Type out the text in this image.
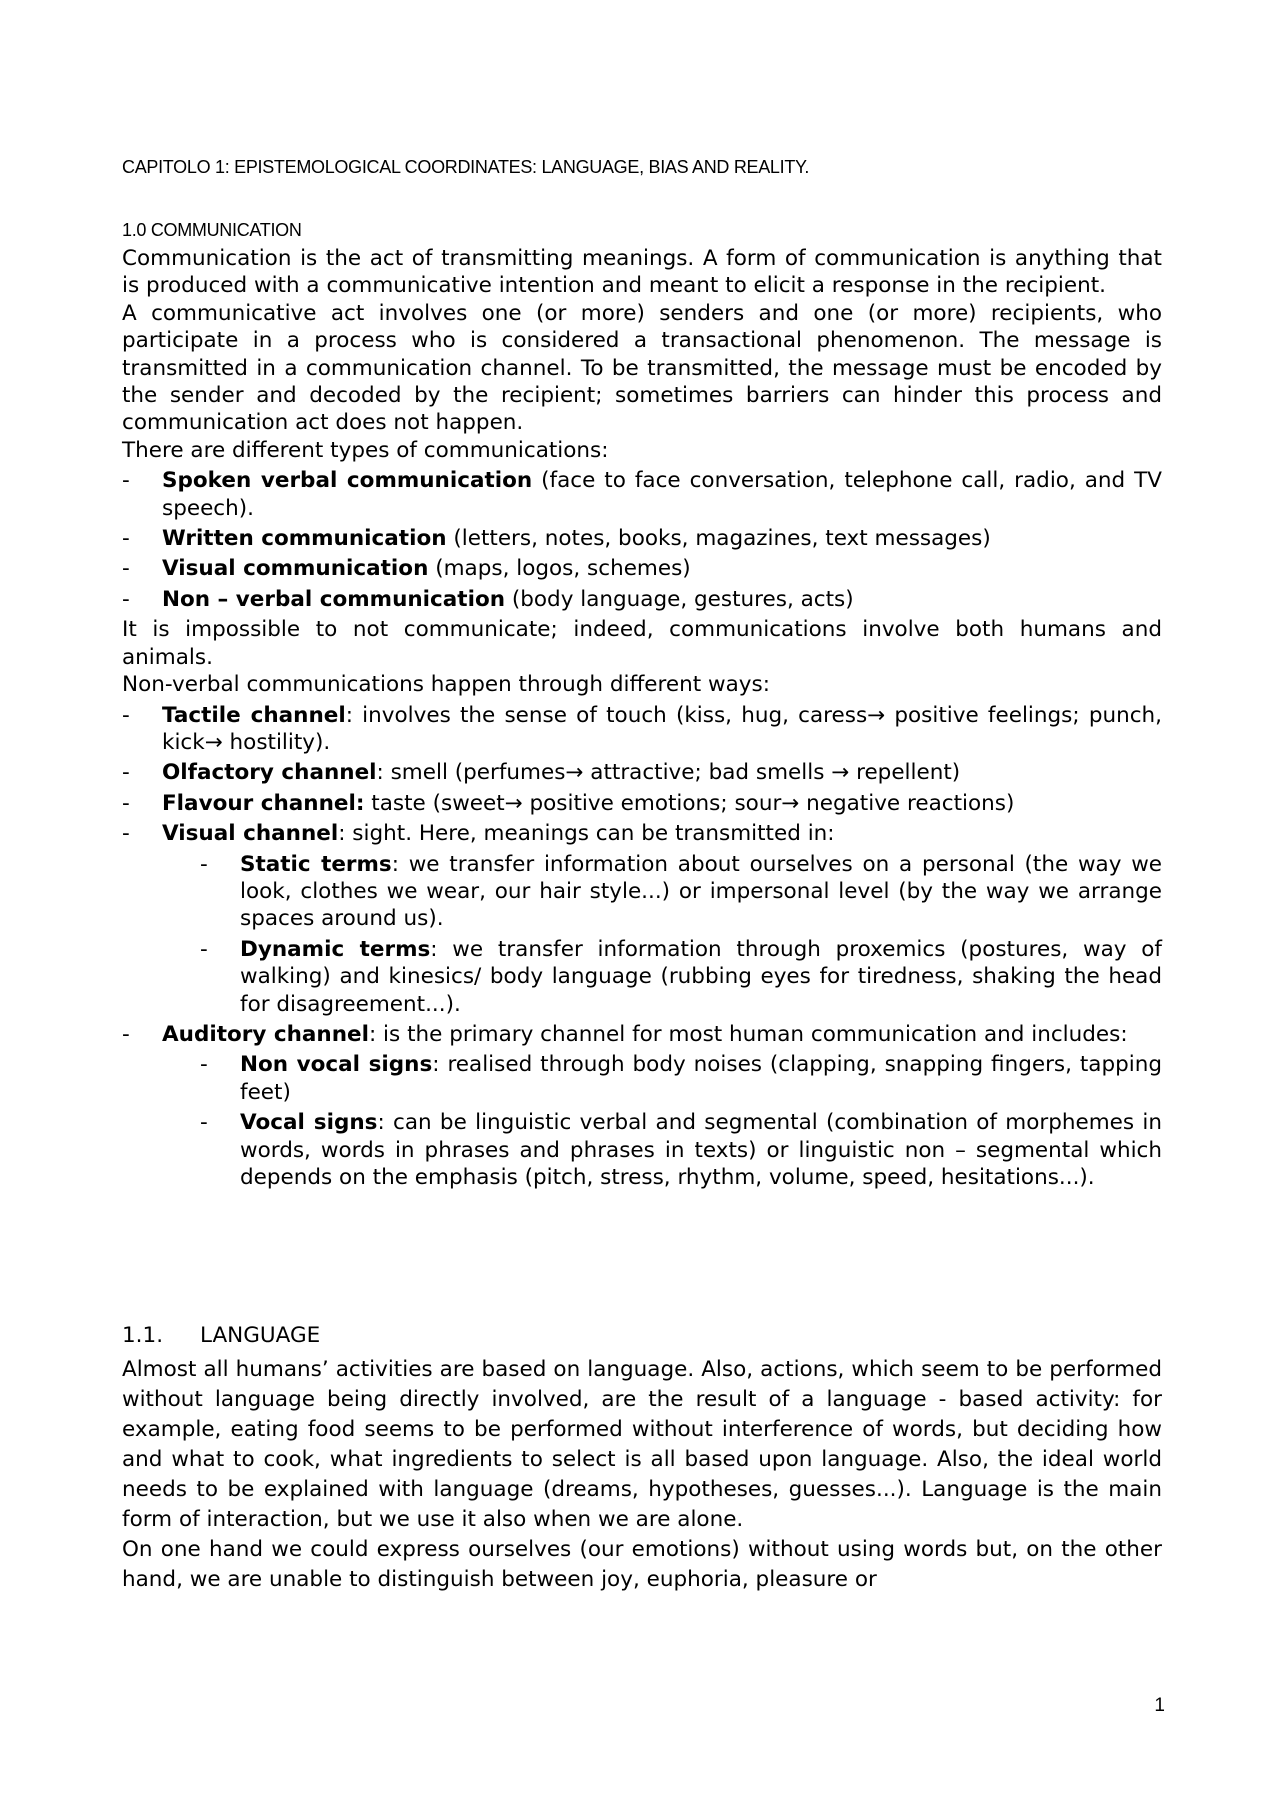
CAPITOLO 1: EPISTEMOLOGICAL COORDINATES: LANGUAGE, BIAS AND REALITY.
1.0 COMMUNICATION

Communication is the act of transmitting meanings. A form of communication is anything that is produced with a communicative intention and meant to elicit a response in the recipient.

A communicative act involves one (or more) senders and one (or more) recipients, who participate in a process who is considered a transactional phenomenon. The message is transmitted in a communication channel. To be transmitted, the message must be encoded by the sender and decoded by the recipient; sometimes barriers can hinder this process and communication act does not happen.

There are different types of communications:

-	Spoken verbal communication (face to face conversation, telephone call, radio, and TV speech).
-	Written communication (letters, notes, books, magazines, text messages)
-	Visual communication (maps, logos, schemes)
-	Non – verbal communication (body language, gestures, acts)

It is impossible to not communicate; indeed, communications involve both humans and animals.

Non-verbal communications happen through different ways:

-	Tactile channel: involves the sense of touch (kiss, hug, caress→ positive feelings; punch, kick→ hostility).
-	Olfactory channel: smell (perfumes→ attractive; bad smells → repellent)
-	Flavour channel: taste (sweet→ positive emotions; sour→ negative reactions)
-	Visual channel: sight. Here, meanings can be transmitted in:
-	Static terms: we transfer information about ourselves on a personal (the way we look, clothes we wear, our hair style...) or impersonal level (by the way we arrange spaces around us).
-	Dynamic terms: we transfer information through proxemics (postures, way of walking) and kinesics/ body language (rubbing eyes for tiredness, shaking the head for disagreement...).
-	Auditory channel: is the primary channel for most human communication and includes:
-	Non vocal signs: realised through body noises (clapping, snapping fingers, tapping feet)
-	Vocal signs: can be linguistic verbal and segmental (combination of morphemes in words, words in phrases and phrases in texts) or linguistic non – segmental which depends on the emphasis (pitch, stress, rhythm, volume, speed, hesitations...).
1.1. LANGUAGE

Almost all humans’ activities are based on language. Also, actions, which seem to be performed without language being directly involved, are the result of a language - based activity: for example, eating food seems to be performed without interference of words, but deciding how and what to cook, what ingredients to select is all based upon language. Also, the ideal world needs to be explained with language (dreams, hypotheses, guesses...). Language is the main form of interaction, but we use it also when we are alone.

On one hand we could express ourselves (our emotions) without using words but, on the other hand, we are unable to distinguish between joy, euphoria, pleasure or

1
